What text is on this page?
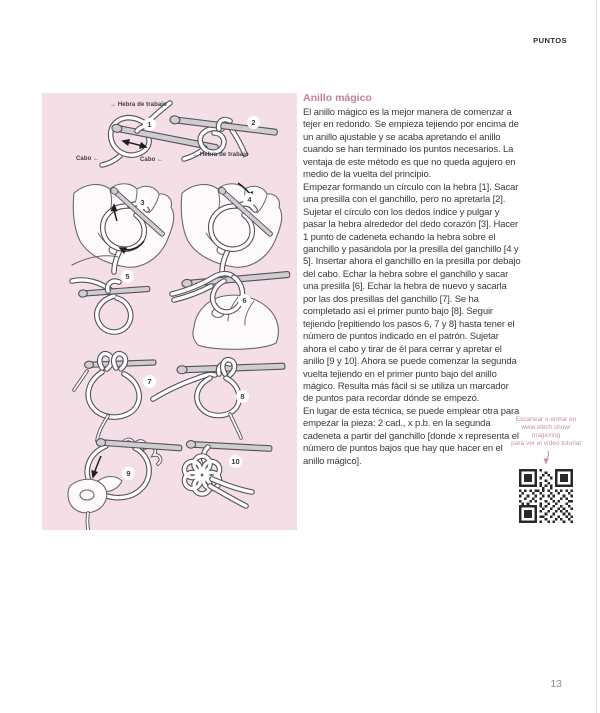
PUNTOS
1	2
3	4
5
6
7
8
9
10
→ Hebra de trabajo
Cabo ←	Cabo ←
→ Hebra de trabajo
Anillo mágico

El anillo mágico es la mejor manera de comenzar a tejer en redondo. Se empieza tejiendo por encima de un anillo ajustable y se acaba apretando el anillo cuando se han terminado los puntos necesarios. La ventaja de este método es que no queda agujero en medio de la vuelta del principio.

Empezar formando un círculo con la hebra [1]. Sacar una presilla con el ganchillo, pero no apretarla [2]. Sujetar el círculo con los dedos índice y pulgar y pasar la hebra alrededor del dedo corazón [3]. Hacer 1 punto de cadeneta echando la hebra sobre el ganchillo y pasándola por la presilla del ganchillo [4 y 5]. Insertar ahora el ganchillo en la presilla por debajo del cabo. Echar la hebra sobre el ganchillo y sacar una presilla [6]. Echar la hebra de nuevo y sacarla por las dos presillas del ganchillo [7]. Se ha completado así el primer punto bajo [8]. Seguir tejiendo [repitiendo los pasos 6, 7 y 8] hasta tener el número de puntos indicado en el patrón. Sujetar ahora el cabo y tirar de él para cerrar y apretar el anillo [9 y 10]. Ahora se puede comenzar la segunda vuelta tejiendo en el primer punto bajo del anillo mágico. Resulta más fácil si se utiliza un marcador de puntos para recordar dónde se empezó.

En lugar de esta técnica, se puede emplear otra para empezar la pieza: 2 cad., x p.b. en la segunda cadeneta a partir del ganchillo [donde x representa el número de puntos bajos que hay que hacer en el anillo mágico].

Escanear o entrar en
www.stitch.show/
magicring
para ver el vídeo tutorial
13
